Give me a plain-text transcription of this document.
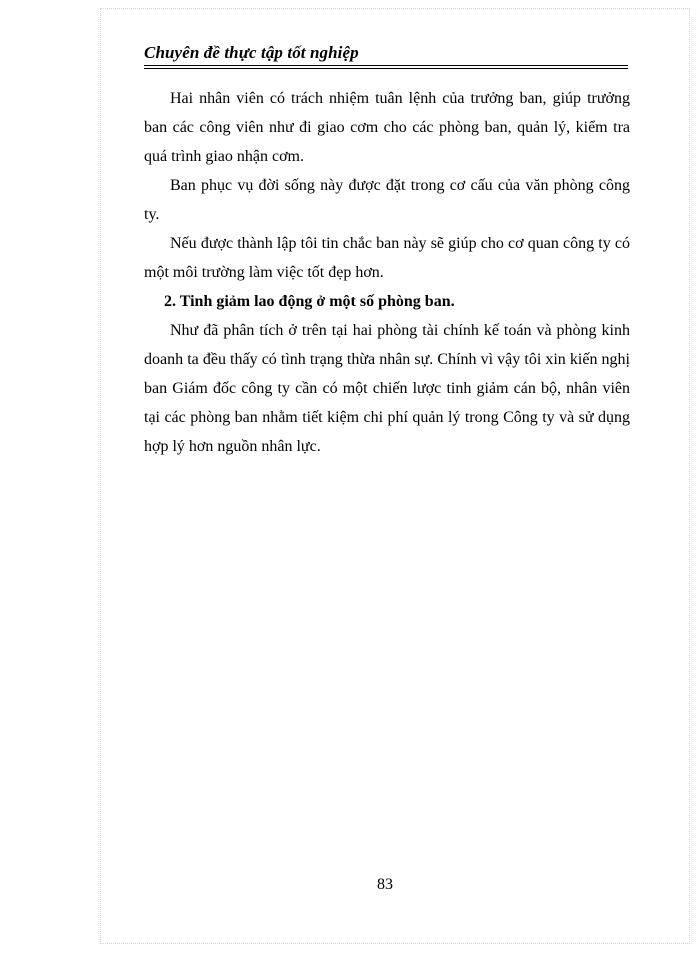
Chuyên đề thực tập tốt nghiệp

Hai nhân viên có trách nhiệm tuân lệnh của trưởng ban, giúp trưởng ban các công viên như đi giao cơm cho các phòng ban, quản lý, kiểm tra quá trình giao nhận cơm.

Ban phục vụ đời sống này được đặt trong cơ cấu của văn phòng công ty.

Nếu được thành lập tôi tin chắc ban này sẽ giúp cho cơ quan công ty có một môi trường làm việc tốt đẹp hơn.

2. Tinh giảm lao động ở một số phòng ban.

Như đã phân tích ở trên tại hai phòng tài chính kế toán và phòng kinh doanh ta đều thấy có tình trạng thừa nhân sự. Chính vì vậy tôi xin kiến nghị ban Giám đốc công ty cần có một chiến lược tinh giảm cán bộ, nhân viên tại các phòng ban nhằm tiết kiệm chi phí quản lý trong Công ty và sử dụng hợp lý hơn nguồn nhân lực.

83
